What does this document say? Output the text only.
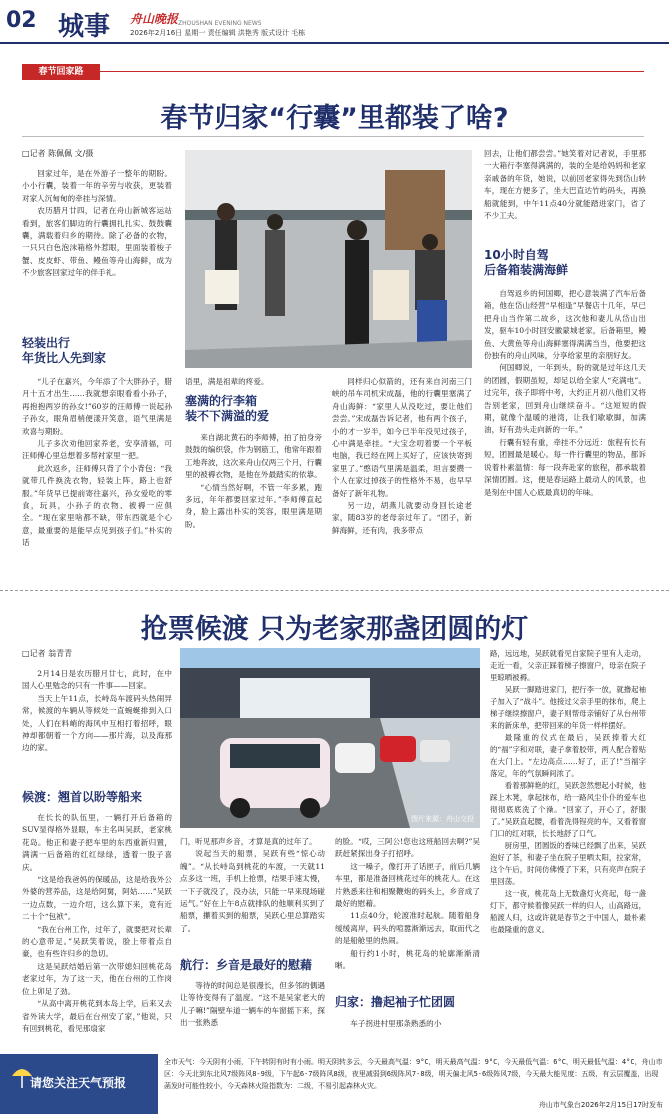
02 城事 舟山晚报 ZHOUSHAN EVENING NEWS
2026年2月16日 星期一 责任编辑 洪艳秀 版式设计 毛栋
春节回家路
春节归家“行囊”里都装了啥?
□记者 陈佩佩 文/摄

回家过年，是在外游子一整年的期盼。小小行囊，装着一年的辛劳与收获，更装着对家人沉甸甸的牵挂与深情。

农历腊月廿四，记者在舟山新城客运站看到，旅客们脚边的行囊拥扎扎实、鼓鼓囊囊，满载着归乡的期待。除了必备的衣物，一只只白色泡沫箱格外惹眼，里面装着梭子蟹、皮皮虾、带鱼、鳗鱼等舟山海鲜，成为不少旅客回家过年的伴手礼。

轻装出行
年货比人先到家

“儿子在嘉兴，今年添了个大胖孙子，腊月十五才出生……我就想亲眼看看小孙子，再抱抱两岁的孙女!”60岁的汪师傅一说起孙子孙女，眼角眉梢便漾开笑意，语气里满是欢喜与期盼。

儿子多次劝他回家养老，安享清福，可汪师傅心里总想着多帮衬家里一把。

此次返乡，汪师傅只背了个小背包：“我就带几件换洗衣物，轻装上阵，路上也舒服。”年货早已提前寄往嘉兴，孙女爱吃的零食，玩具，小孙子的衣物、被褥一应俱全。“现在家里啥都不缺，带东西就是个心意，最重要的是能早点见到孩子们。”朴实的话

语里，满是祖辈的疼爱。

塞满的行李箱
装不下满溢的爱

来自湖北黄石的李师傅，拍了拍身旁鼓鼓的编织袋，作为钢筋工，他常年跟着工地奔波，这次来舟山仅两三个月，行囊里的被褥衣物，是他在外最踏实的依靠。

“心情当然好啊，不管一年多累，跑多远，年年都要回家过年。”李师傅直起身，脸上露出朴实的笑容，眼里满是期盼。

同样归心似箭的，还有来自河南三门峡的吊车司机宋成磊，他的行囊里塞满了舟山海鲜：“家里人从没吃过，要让他们尝尝。”宋成磊告诉记者，他有两个孩子，小的才一岁半，如今已半年没见过孩子，心中满是牵挂。“大宝念叨着要一个平板电脑，我已经在网上买好了，应该快寄到家里了。”憨语气里满是温柔，坦言要攒一个人在家过掉孩子的性格外不易，也早早备好了新年礼物。

另一边，胡燕儿就要动身回长途老家，随83岁的老母亲过年了。“团子，新鲜海鲜，还有肉，我多带点

回去，让他们都尝尝。”她笑着对记者说，手里那一大箱行李塞得满满的，装的全是给妈妈和老家亲戚备的年货，她说，以前回老家得先到岱山转车，现在方便多了，坐大巴直达竹屿码头，再换船就能到，中午11点40分就能踏进家门，省了不少工夫。

10小时自驾
后备箱装满海鲜

自驾返乡的何国卿，把心意装满了汽车后备箱，他在岱山经营“早相逢”早餐店十几年，早已把舟山当作第二故乡，这次他和妻儿从岱山出发，驱车10小时回安徽蒙城老家，后备箱里，鳗鱼、大黄鱼等舟山海鲜塞得满满当当，他要把这份独有的舟山风味，分享给家里的亲朋好友。

何国卿说，一年到头，盼的就是过年这几天的团圆，假期虽短，却足以给全家人“充满电”。过完年，孩子即将中考，大约正月初八他们又将告别老家，回到舟山继续奋斗。“这短短的假期，就像个温暖的港湾，让我们歇歇脚，加满油，好有劲头走向新的一年。”

行囊有轻有重，牵挂不分远近：旅程有长有短，团圆最是暖心。每一件行囊里的物品，都诉说着朴素温情：每一段奔赴家的旅程，都承载着深情团圆。这，便是春运路上最动人的风景，也是刻在中国人心底最真切的年味。

抢票候渡 只为老家那盏团圆的灯
□记者 翁青青

2月14日是农历腊月廿七，此时，在中国人心里勉念的只有一件事——回家。

当天上午11点，长峙岛车渡码头热闹异常，候渡的车辆从等候处一直蜿蜒排到入口处，人们在料峭的海风中互相打着招呼，眼神却都朝着一个方向——那片海，以及海那边的家。

候渡：翘首以盼等船来

在长长的队伍里，一辆打开后备箱的SUV显得格外显眼，车主名叫吴跃，老家桃花岛。他正和妻子把车里的东西重新归置，满满一后备箱的红红绿绿，透着一股子喜庆。

“这是给我爸妈的保暖品，这是给我外公外婆的营养品，这是给阿舅，阿姑……”吴跃一边点数，一边介绍，这么算下来，竟有近二十个“包袱”。

“我在台州工作，过年了，就要把对长辈的心意带足。”吴跃笑着说，脸上带着点自豪，也有些许归乡的急切。

这是吴跃结婚后第一次带媳妇回桃花岛老家过年，为了这一天，他在台州的工作岗位上卯足了劲。

“从高中离开桃花到本岛上学，后来又去省外读大学，最后在台州安了家，”他说，只有回到桃花，看见那扇家

图片来源：舟山交投

门，听见那声乡音，才算是真的过年了。

说起当天的船票，吴跃有些“惊心动魄”。“从长峙岛到桃花的车渡，一天就11点多这一班，手机上抢票，结果手速太慢，一下子就没了，没办法，只能一早来现场碰运气。”好在上午8点就排队的他顺利买到了船票，攥着买到的船票，吴跃心里总算踏实了。

航行：乡音是最好的慰藉

等待的时间总是很漫长，但多邻的偶遇让等待变得有了温度。“这不是吴家老大的儿子嘛!”隔壁车道一辆车的车窗摇下来，探出一张熟悉

的脸。“哎，三阿公!您也这班船回去啊?”吴跃赶紧探出身子打招呼。

这一嗓子，像打开了话匣子，前后几辆车里，都是准备回桃花过年的桃花人。在这片熟悉来往和相聚鞭炮的码头上，乡音成了最好的慰藉。

11点40分，轮渡准时起航。随着船身缓缓离岸，码头的喧嚣渐渐远去，取而代之的是船舱里的热闹。

船行约1小时，桃花岛的轮廓渐渐清晰。

归家：撸起袖子忙团圆

车子拐进村里那条熟悉的小

路，远远地，吴跃就看见自家院子里有人走动，走近一看，父亲正踩着梯子擦窗户，母亲在院子里晾晒被褥。

吴跃一脚踏进家门，把行李一放，就撸起袖子加入了“战斗”。他接过父亲手里的抹布，爬上梯子继续擦窗户，妻子则帮母亲铺好了从台州带来的新床单，把带回来的年货一样样摆好。

最隆重的仪式在最后，吴跃捧着大红的“福”字和对联，妻子拿着胶带，两人配合着贴在大门上。“左边高点……好了，正了!”当福字落定，年的气氛瞬间浓了。

看着那鲜艳的红，吴跃忽然想起小时候，他踩上木凳，拿起抹布，给一路风尘仆仆的爱车也彻彻底底洗了个澡。“回家了，开心了，舒服了。”吴跃直起腰，看着洗得锃亮的车，又看着窗门口的红对联，长长地舒了口气。

厨房里，团圆饭的香味已经飘了出来，吴跃泡好了茶，和妻子坐在院子里晒太阳，拉家常，这个午后，时间仿佛慢了下来，只有亮声在院子里回荡。

这一夜，桃花岛上无数盏灯火亮起，每一盏灯下，都守候着像吴跃一样的归人，山高路远，船渡人归，这或许就是春节之于中国人，最朴素也最隆重的意义。

请您关注天气预报
全市天气：今天阴有小雨，下午转阴有时有小雨。明天阴转多云，今天最高气温：9°C，明天最高气温：9°C，今天最低气温：6°C，明天最低气温：4°C，舟山市区：今天北到东北风7级阵风8-9级，下午起6-7级阵风8级，夜里减弱到6级阵风7-8级，明天偏北风5-6级阵风7级，今天最大能见度：五级，有云层覆盖，出现菡发时可能性较小，今天森林火险指数为：二级，不易引起森林火灾。
舟山市气象台2026年2月15日17时发布
